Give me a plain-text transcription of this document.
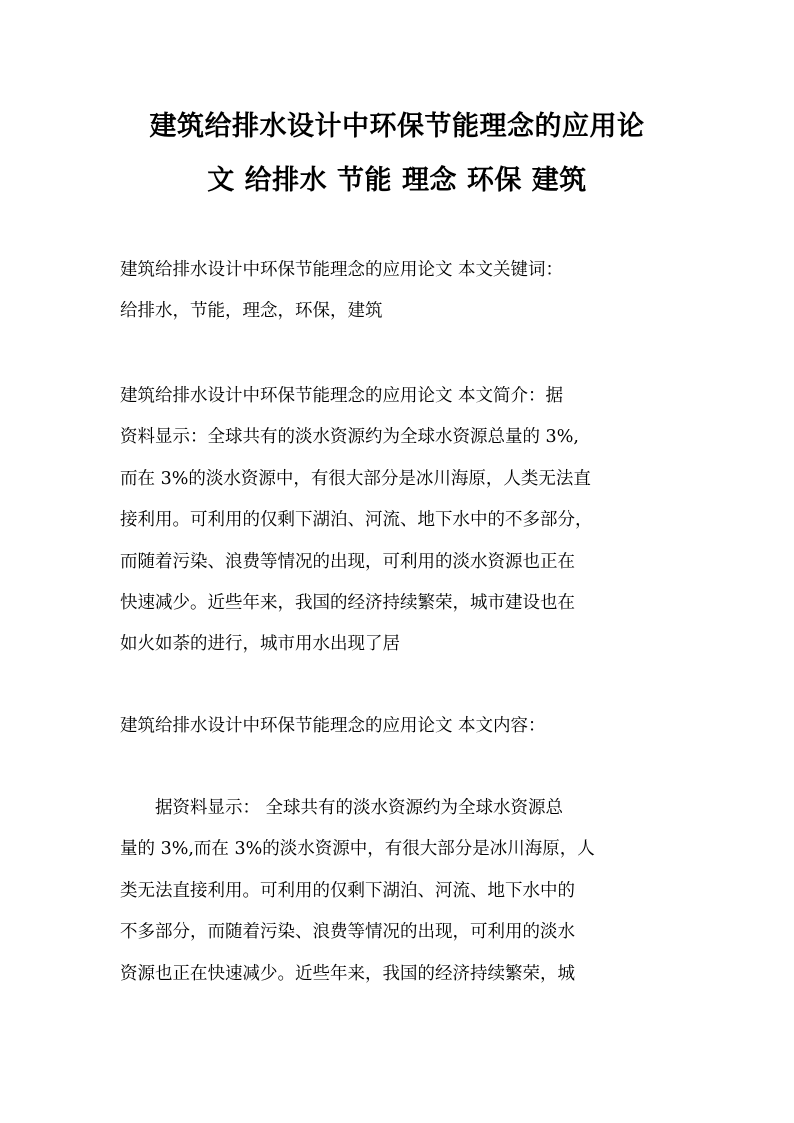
建筑给排水设计中环保节能理念的应用论
文 给排水 节能 理念 环保 建筑

建筑给排水设计中环保节能理念的应用论文 本文关键词：
给排水，节能，理念，环保，建筑

建筑给排水设计中环保节能理念的应用论文 本文简介：据
资料显示：全球共有的淡水资源约为全球水资源总量的 3%,
而在 3%的淡水资源中，有很大部分是冰川海原，人类无法直
接利用。可利用的仅剩下湖泊、河流、地下水中的不多部分，
而随着污染、浪费等情况的出现，可利用的淡水资源也正在
快速减少。近些年来，我国的经济持续繁荣，城市建设也在
如火如荼的进行，城市用水出现了居

建筑给排水设计中环保节能理念的应用论文 本文内容：

　　据资料显示： 全球共有的淡水资源约为全球水资源总
量的 3%,而在 3%的淡水资源中，有很大部分是冰川海原，人
类无法直接利用。可利用的仅剩下湖泊、河流、地下水中的
不多部分，而随着污染、浪费等情况的出现，可利用的淡水
资源也正在快速减少。近些年来，我国的经济持续繁荣，城
